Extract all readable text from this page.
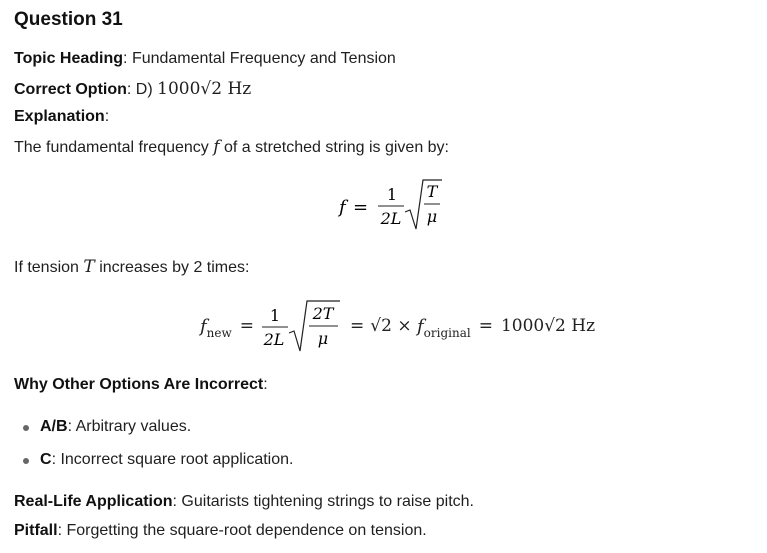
Question 31
Topic Heading: Fundamental Frequency and Tension
Correct Option: D) 1000√2 Hz
Explanation:
The fundamental frequency f of a stretched string is given by:
f =
1
2L
T
μ
If tension T increases by 2 times:
$f_{new}$ =
1
2L
2T
μ
= $√2 \times f_{original} = 1000√2$ Hz
Why Other Options Are Incorrect:
A/B: Arbitrary values.
C: Incorrect square root application.
Real-Life Application: Guitarists tightening strings to raise pitch.
Pitfall: Forgetting the square-root dependence on tension.
